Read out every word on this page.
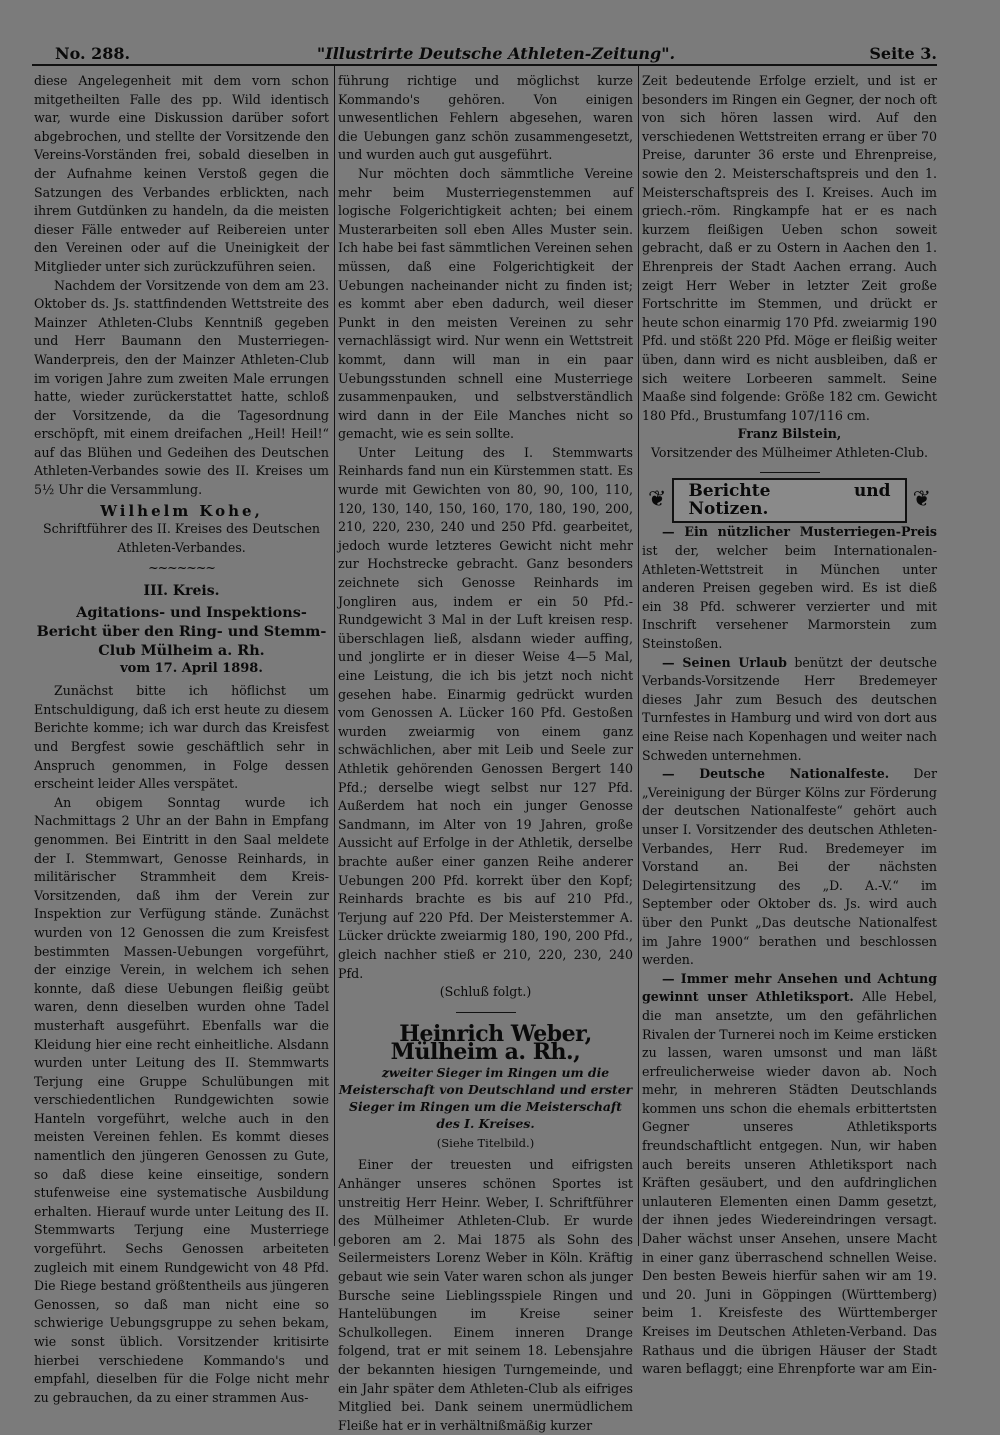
No. 288.	"Illustrirte Deutsche Athleten-Zeitung".	Seite 3.

diese Angelegenheit mit dem vorn schon mitgetheilten Falle des pp. Wild identisch war, wurde eine Diskussion darüber sofort abgebrochen, und stellte der Vorsitzende den Vereins-Vorständen frei, sobald dieselben in der Aufnahme keinen Verstoß gegen die Satzungen des Verbandes erblickten, nach ihrem Gutdünken zu handeln, da die meisten dieser Fälle entweder auf Reibereien unter den Vereinen oder auf die Uneinigkeit der Mitglieder unter sich zurückzuführen seien.

Nachdem der Vorsitzende von dem am 23. Oktober ds. Js. stattfindenden Wettstreite des Mainzer Athleten-Clubs Kenntniß gegeben und Herr Baumann den Musterriegen-Wanderpreis, den der Mainzer Athleten-Club im vorigen Jahre zum zweiten Male errungen hatte, wieder zurückerstattet hatte, schloß der Vorsitzende, da die Tagesordnung erschöpft, mit einem dreifachen „Heil! Heil!“ auf das Blühen und Gedeihen des Deutschen Athleten-Verbandes sowie des II. Kreises um 5½ Uhr die Versammlung.

Wilhelm Kohe,

Schriftführer des II. Kreises des Deutschen Athleten-Verbandes.

~~~~~~~

III. Kreis.

Agitations- und Inspektions-Bericht über den Ring- und Stemm-Club Mülheim a. Rh.

vom 17. April 1898.

Zunächst bitte ich höflichst um Entschuldigung, daß ich erst heute zu diesem Berichte komme; ich war durch das Kreisfest und Bergfest sowie geschäftlich sehr in Anspruch genommen, in Folge dessen erscheint leider Alles verspätet.

An obigem Sonntag wurde ich Nachmittags 2 Uhr an der Bahn in Empfang genommen. Bei Eintritt in den Saal meldete der I. Stemmwart, Genosse Reinhards, in militärischer Strammheit dem Kreis-Vorsitzenden, daß ihm der Verein zur Inspektion zur Verfügung stände. Zunächst wurden von 12 Genossen die zum Kreisfest bestimmten Massen-Uebungen vorgeführt, der einzige Verein, in welchem ich sehen konnte, daß diese Uebungen fleißig geübt waren, denn dieselben wurden ohne Tadel musterhaft ausgeführt. Ebenfalls war die Kleidung hier eine recht einheitliche. Alsdann wurden unter Leitung des II. Stemmwarts Terjung eine Gruppe Schulübungen mit verschiedentlichen Rundgewichten sowie Hanteln vorgeführt, welche auch in den meisten Vereinen fehlen. Es kommt dieses namentlich den jüngeren Genossen zu Gute, so daß diese keine einseitige, sondern stufenweise eine systematische Ausbildung erhalten. Hierauf wurde unter Leitung des II. Stemmwarts Terjung eine Musterriege vorgeführt. Sechs Genossen arbeiteten zugleich mit einem Rundgewicht von 48 Pfd. Die Riege bestand größtentheils aus jüngeren Genossen, so daß man nicht eine so schwierige Uebungsgruppe zu sehen bekam, wie sonst üblich. Vorsitzender kritisirte hierbei verschiedene Kommando's und empfahl, dieselben für die Folge nicht mehr zu gebrauchen, da zu einer strammen Aus-

führung richtige und möglichst kurze Kommando's gehören. Von einigen unwesentlichen Fehlern abgesehen, waren die Uebungen ganz schön zusammengesetzt, und wurden auch gut ausgeführt.

Nur möchten doch sämmtliche Vereine mehr beim Musterriegenstemmen auf logische Folgerichtigkeit achten; bei einem Musterarbeiten soll eben Alles Muster sein. Ich habe bei fast sämmtlichen Vereinen sehen müssen, daß eine Folgerichtigkeit der Uebungen nacheinander nicht zu finden ist; es kommt aber eben dadurch, weil dieser Punkt in den meisten Vereinen zu sehr vernachlässigt wird. Nur wenn ein Wettstreit kommt, dann will man in ein paar Uebungsstunden schnell eine Musterriege zusammenpauken, und selbstverständlich wird dann in der Eile Manches nicht so gemacht, wie es sein sollte.

Unter Leitung des I. Stemmwarts Reinhards fand nun ein Kürstemmen statt. Es wurde mit Gewichten von 80, 90, 100, 110, 120, 130, 140, 150, 160, 170, 180, 190, 200, 210, 220, 230, 240 und 250 Pfd. gearbeitet, jedoch wurde letzteres Gewicht nicht mehr zur Hochstrecke gebracht. Ganz besonders zeichnete sich Genosse Reinhards im Jongliren aus, indem er ein 50 Pfd.-Rundgewicht 3 Mal in der Luft kreisen resp. überschlagen ließ, alsdann wieder auffing, und jonglirte er in dieser Weise 4—5 Mal, eine Leistung, die ich bis jetzt noch nicht gesehen habe. Einarmig gedrückt wurden vom Genossen A. Lücker 160 Pfd. Gestoßen wurden zweiarmig von einem ganz schwächlichen, aber mit Leib und Seele zur Athletik gehörenden Genossen Bergert 140 Pfd.; derselbe wiegt selbst nur 127 Pfd. Außerdem hat noch ein junger Genosse Sandmann, im Alter von 19 Jahren, große Aussicht auf Erfolge in der Athletik, derselbe brachte außer einer ganzen Reihe anderer Uebungen 200 Pfd. korrekt über den Kopf; Reinhards brachte es bis auf 210 Pfd., Terjung auf 220 Pfd. Der Meisterstemmer A. Lücker drückte zweiarmig 180, 190, 200 Pfd., gleich nachher stieß er 210, 220, 230, 240 Pfd.

(Schluß folgt.)

Heinrich Weber, Mülheim a. Rh.,

zweiter Sieger im Ringen um die Meisterschaft von Deutschland und erster Sieger im Ringen um die Meisterschaft des I. Kreises.

(Siehe Titelbild.)

Einer der treuesten und eifrigsten Anhänger unseres schönen Sportes ist unstreitig Herr Heinr. Weber, I. Schriftführer des Mülheimer Athleten-Club. Er wurde geboren am 2. Mai 1875 als Sohn des Seilermeisters Lorenz Weber in Köln. Kräftig gebaut wie sein Vater waren schon als junger Bursche seine Lieblingsspiele Ringen und Hantelübungen im Kreise seiner Schulkollegen. Einem inneren Drange folgend, trat er mit seinem 18. Lebensjahre der bekannten hiesigen Turngemeinde, und ein Jahr später dem Athleten-Club als eifriges Mitglied bei. Dank seinem unermüdlichem Fleiße hat er in verhältnißmäßig kurzer

Zeit bedeutende Erfolge erzielt, und ist er besonders im Ringen ein Gegner, der noch oft von sich hören lassen wird. Auf den verschiedenen Wettstreiten errang er über 70 Preise, darunter 36 erste und Ehrenpreise, sowie den 2. Meisterschaftspreis und den 1. Meisterschaftspreis des I. Kreises. Auch im griech.-röm. Ringkampfe hat er es nach kurzem fleißigen Ueben schon soweit gebracht, daß er zu Ostern in Aachen den 1. Ehrenpreis der Stadt Aachen errang. Auch zeigt Herr Weber in letzter Zeit große Fortschritte im Stemmen, und drückt er heute schon einarmig 170 Pfd. zweiarmig 190 Pfd. und stößt 220 Pfd. Möge er fleißig weiter üben, dann wird es nicht ausbleiben, daß er sich weitere Lorbeeren sammelt. Seine Maaße sind folgende: Größe 182 cm. Gewicht 180 Pfd., Brustumfang 107/116 cm.

Franz Bilstein,

Vorsitzender des Mülheimer Athleten-Club.

❦	Berichte und Notizen.	❦

— Ein nützlicher Musterriegen-Preis ist der, welcher beim Internationalen-Athleten-Wettstreit in München unter anderen Preisen gegeben wird. Es ist dieß ein 38 Pfd. schwerer verzierter und mit Inschrift versehener Marmorstein zum Steinstoßen.

— Seinen Urlaub benützt der deutsche Verbands-Vorsitzende Herr Bredemeyer dieses Jahr zum Besuch des deutschen Turnfestes in Hamburg und wird von dort aus eine Reise nach Kopenhagen und weiter nach Schweden unternehmen.

— Deutsche Nationalfeste. Der „Vereinigung der Bürger Kölns zur Förderung der deutschen Nationalfeste“ gehört auch unser I. Vorsitzender des deutschen Athleten-Verbandes, Herr Rud. Bredemeyer im Vorstand an. Bei der nächsten Delegirtensitzung des „D. A.-V.“ im September oder Oktober ds. Js. wird auch über den Punkt „Das deutsche Nationalfest im Jahre 1900“ berathen und beschlossen werden.

— Immer mehr Ansehen und Achtung gewinnt unser Athletiksport. Alle Hebel, die man ansetzte, um den gefährlichen Rivalen der Turnerei noch im Keime ersticken zu lassen, waren umsonst und man läßt erfreulicherweise wieder davon ab. Noch mehr, in mehreren Städten Deutschlands kommen uns schon die ehemals erbittertsten Gegner unseres Athletiksports freundschaftlicht entgegen. Nun, wir haben auch bereits unseren Athletiksport nach Kräften gesäubert, und den aufdringlichen unlauteren Elementen einen Damm gesetzt, der ihnen jedes Wiedereindringen versagt. Daher wächst unser Ansehen, unsere Macht in einer ganz überraschend schnellen Weise. Den besten Beweis hierfür sahen wir am 19. und 20. Juni in Göppingen (Württemberg) beim 1. Kreisfeste des Württemberger Kreises im Deutschen Athleten-Verband. Das Rathaus und die übrigen Häuser der Stadt waren beflaggt; eine Ehrenpforte war am Ein-
